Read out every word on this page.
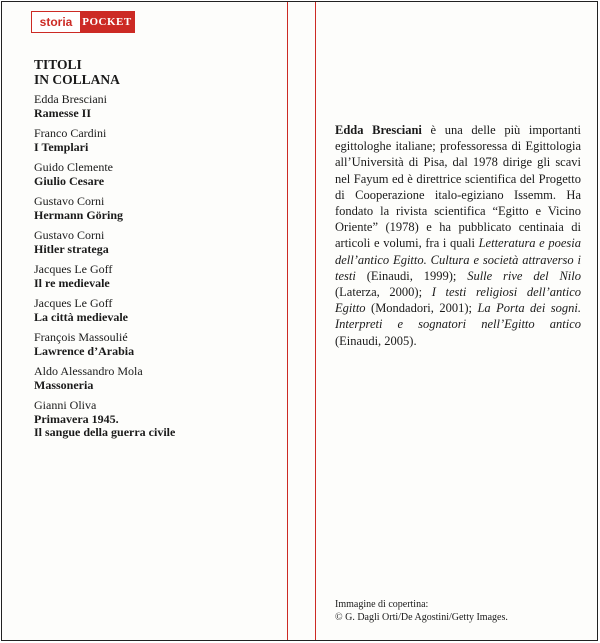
storia POCKET
TITOLI
IN COLLANA
Edda Bresciani
Ramesse II
Franco Cardini
I Templari
Guido Clemente
Giulio Cesare
Gustavo Corni
Hermann Göring
Gustavo Corni
Hitler stratega
Jacques Le Goff
Il re medievale
Jacques Le Goff
La città medievale
François Massoulié
Lawrence d’Arabia
Aldo Alessandro Mola
Massoneria
Gianni Oliva
Primavera 1945.
Il sangue della guerra civile
Edda Bresciani è una delle più importanti egittologhe italiane; professoressa di Egittologia all’Università di Pisa, dal 1978 dirige gli scavi nel Fayum ed è direttrice scientifica del Progetto di Cooperazione italo-egiziano Issemm. Ha fondato la rivista scientifica “Egitto e Vicino Oriente” (1978) e ha pubblicato centinaia di articoli e volumi, fra i quali Letteratura e poesia dell’antico Egitto. Cultura e società attraverso i testi (Einaudi, 1999); Sulle rive del Nilo (Laterza, 2000); I testi religiosi dell’antico Egitto (Mondadori, 2001); La Porta dei sogni. Interpreti e sognatori nell’Egitto antico (Einaudi, 2005).
Immagine di copertina:
© G. Dagli Orti/De Agostini/Getty Images.
